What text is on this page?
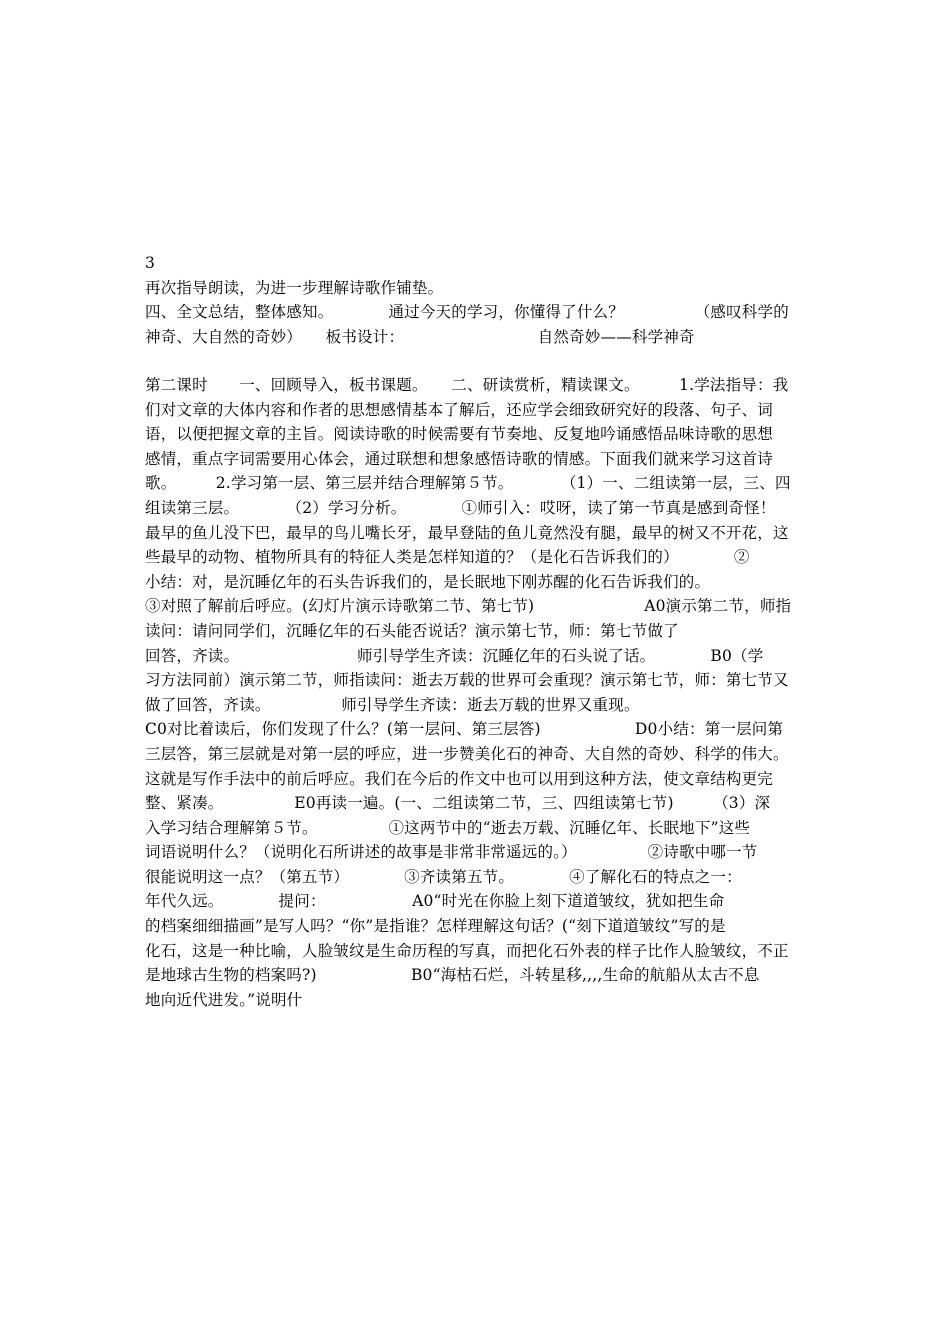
3
再次指导朗读，为进一步理解诗歌作铺垫。
四、全文总结，整体感知。　　　　通过今天的学习，你懂得了什么？　　　　　（感叹科学的
神奇、大自然的奇妙）　　板书设计：　　　　　　　　　自然奇妙——科学神奇
第二课时　　一、回顾导入，板书课题。　　二、研读赏析，精读课文。　　　1.学法指导：我
们对文章的大体内容和作者的思想感情基本了解后，还应学会细致研究好的段落、句子、词
语，以便把握文章的主旨。阅读诗歌的时候需要有节奏地、反复地吟诵感悟品味诗歌的思想
感情，重点字词需要用心体会，通过联想和想象感悟诗歌的情感。下面我们就来学习这首诗
歌。　　　2.学习第一层、第三层并结合理解第５节。　　　　（1）一、二组读第一层，三、四
组读第三层。　　　　（2）学习分析。　　　　①师引入：哎呀，读了第一节真是感到奇怪！
最早的鱼儿没下巴，最早的鸟儿嘴长牙，最早登陆的鱼儿竟然没有腿，最早的树又不开花，这
些最早的动物、植物所具有的特征人类是怎样知道的？（是化石告诉我们的）　　　　②
小结：对，是沉睡亿年的石头告诉我们的，是长眠地下刚苏醒的化石告诉我们的。
③对照了解前后呼应。(幻灯片演示诗歌第二节、第七节)　　　　　　　A0演示第二节，师指
读问：请问同学们，沉睡亿年的石头能否说话？演示第七节，师：第七节做了
回答，齐读。　　　　　　　　师引导学生齐读：沉睡亿年的石头说了话。　　　　B0（学
习方法同前）演示第二节，师指读问：逝去万载的世界可会重现？演示第七节，师：第七节又
做了回答，齐读。　　　　　师引导学生齐读：逝去万载的世界又重现。
C0对比着读后，你们发现了什么？(第一层问、第三层答)　　　　　　D0小结：第一层问第
三层答，第三层就是对第一层的呼应，进一步赞美化石的神奇、大自然的奇妙、科学的伟大。
这就是写作手法中的前后呼应。我们在今后的作文中也可以用到这种方法，使文章结构更完
整、紧凑。　　　　　E0再读一遍。(一、二组读第二节，三、四组读第七节)　　　（3）深
入学习结合理解第５节。　　　　　①这两节中的“逝去万载、沉睡亿年、长眠地下”这些
词语说明什么？（说明化石所讲述的故事是非常非常遥远的。）　　　　　②诗歌中哪一节
很能说明这一点？（第五节）　　　　③齐读第五节。　　　　④了解化石的特点之一：
年代久远。　　　　提问：　　　　　　A0“时光在你脸上刻下道道皱纹，犹如把生命
的档案细细描画”是写人吗？“你”是指谁？怎样理解这句话？(“刻下道道皱纹”写的是
化石，这是一种比喻，人脸皱纹是生命历程的写真，而把化石外表的样子比作人脸皱纹，不正
是地球古生物的档案吗?)　　　　　　B0“海枯石烂，斗转星移,,,,生命的航船从太古不息
地向近代进发。”说明什
